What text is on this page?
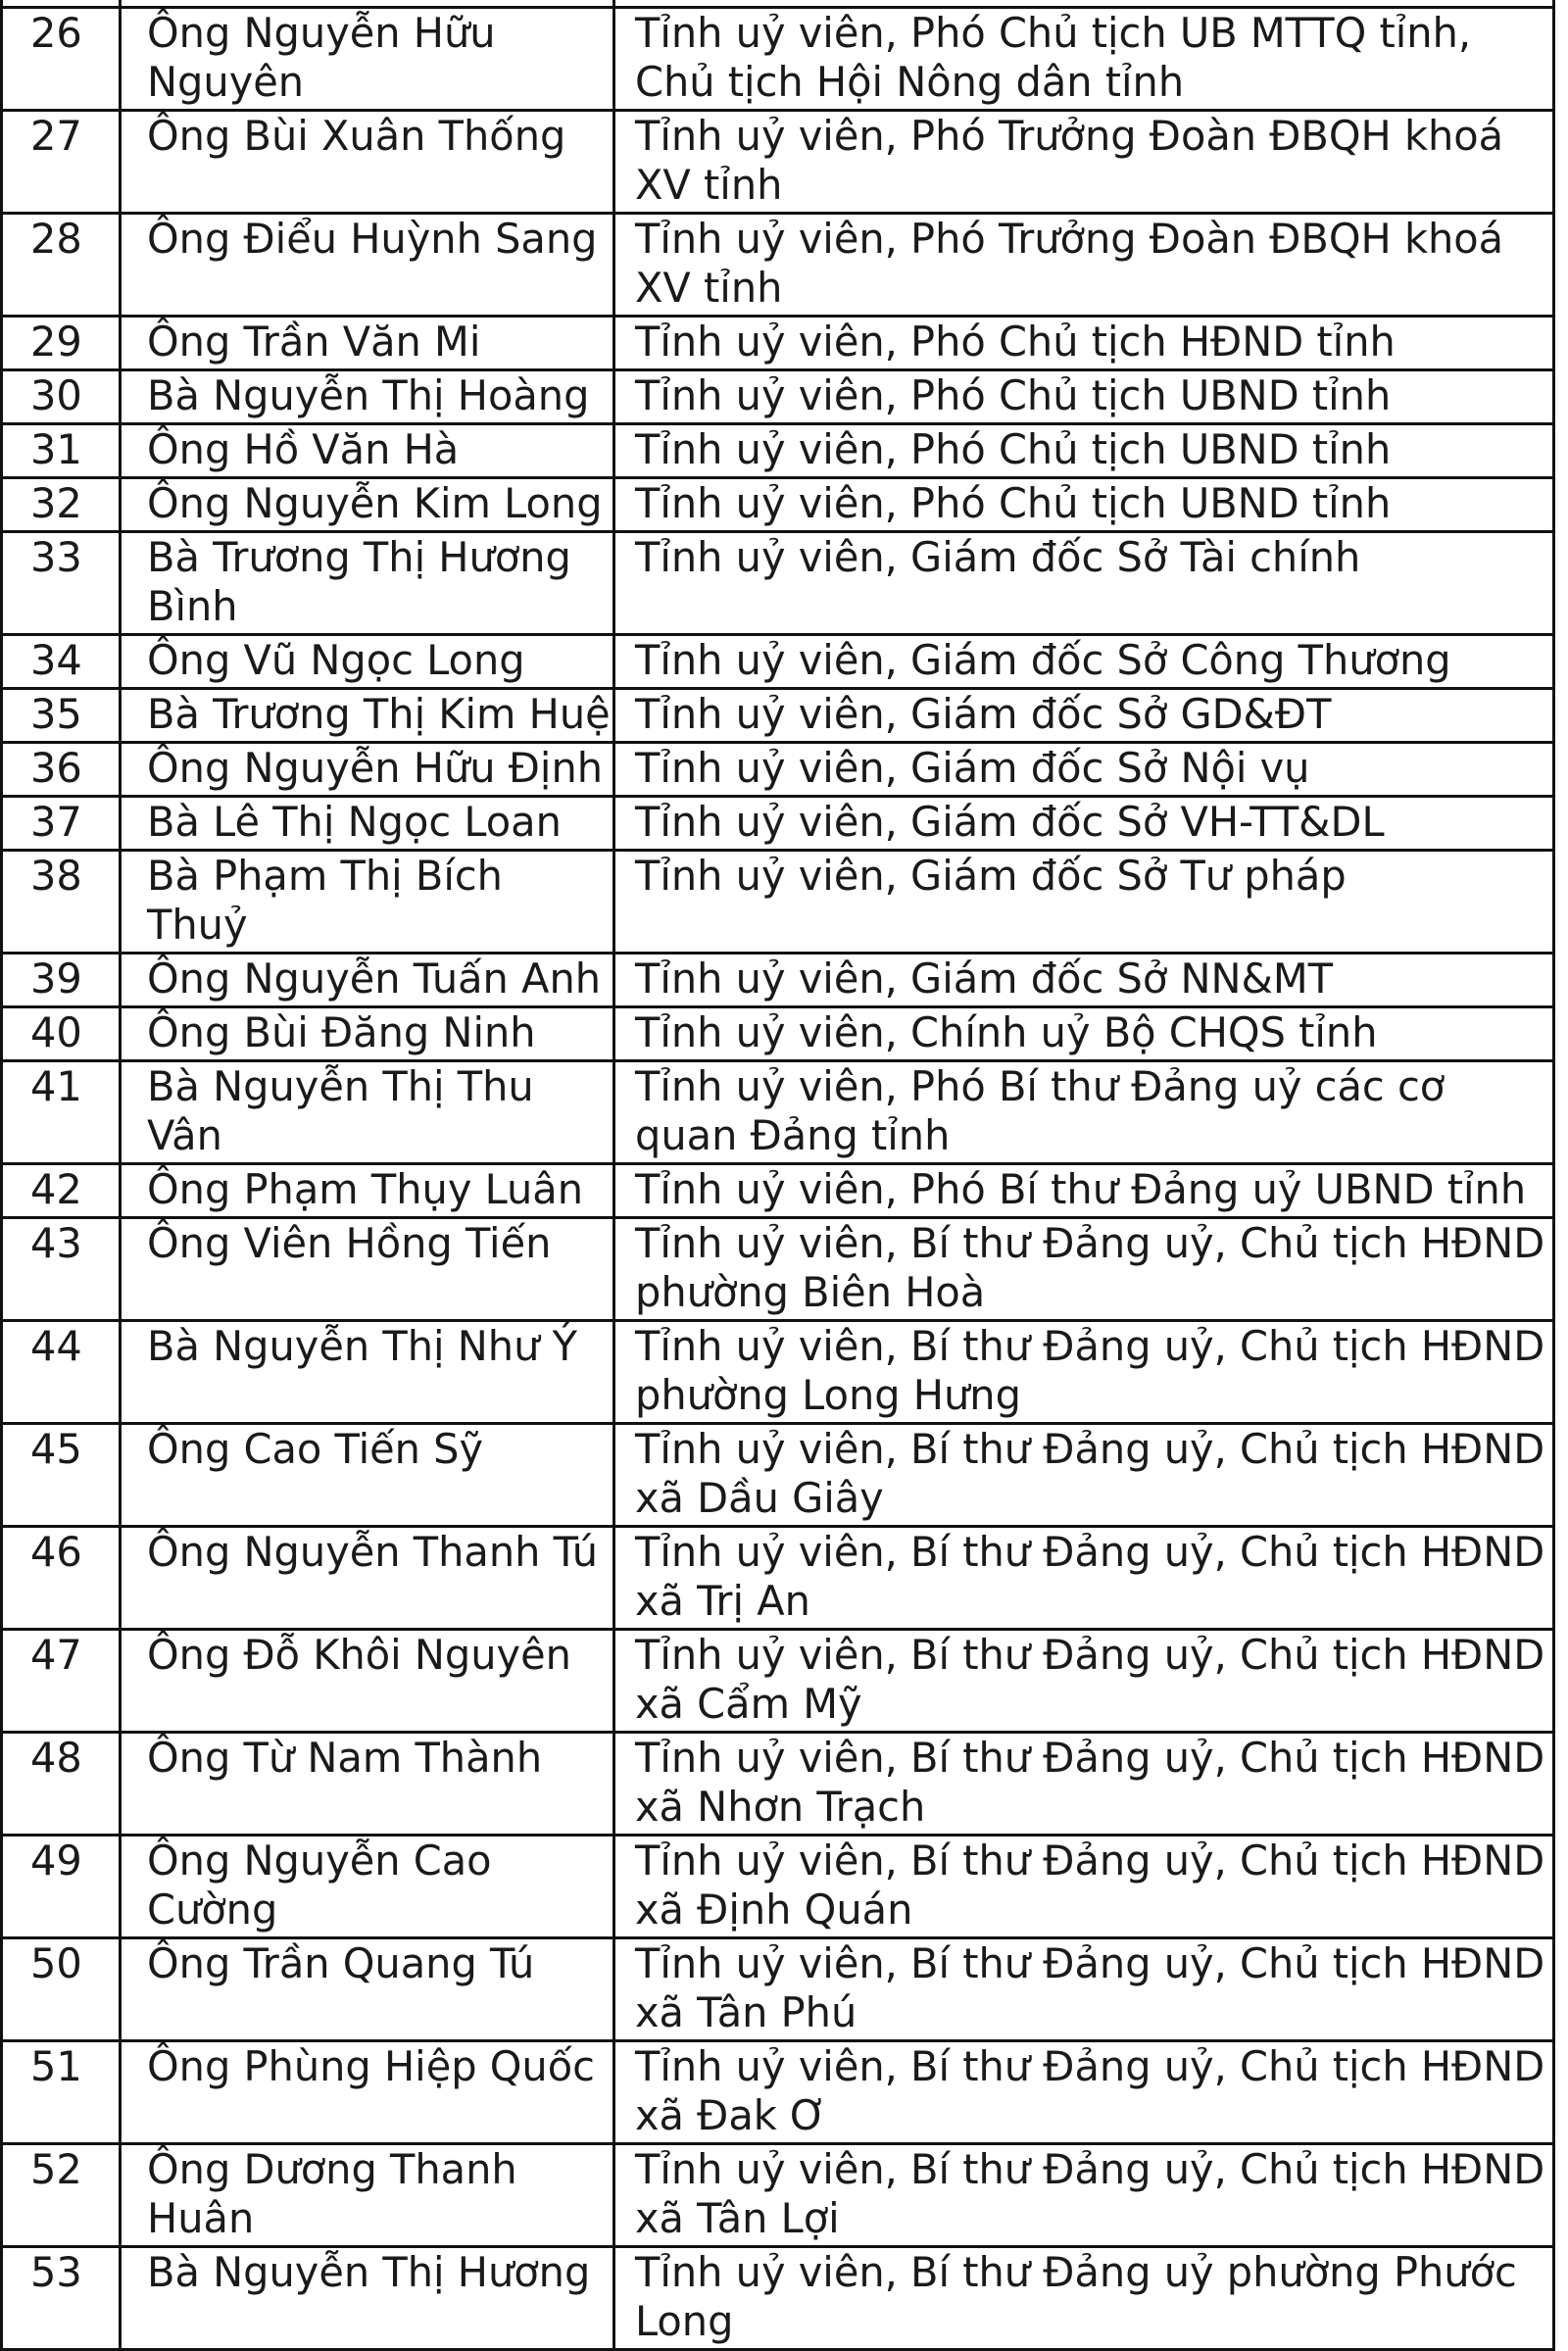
26	Ông Nguyễn Hữu Nguyên	Tỉnh uỷ viên, Phó Chủ tịch UB MTTQ tỉnh, Chủ tịch Hội Nông dân tỉnh
27	Ông Bùi Xuân Thống	Tỉnh uỷ viên, Phó Trưởng Đoàn ĐBQH khoá XV tỉnh
28	Ông Điểu Huỳnh Sang	Tỉnh uỷ viên, Phó Trưởng Đoàn ĐBQH khoá XV tỉnh
29	Ông Trần Văn Mi	Tỉnh uỷ viên, Phó Chủ tịch HĐND tỉnh
30	Bà Nguyễn Thị Hoàng	Tỉnh uỷ viên, Phó Chủ tịch UBND tỉnh
31	Ông Hồ Văn Hà	Tỉnh uỷ viên, Phó Chủ tịch UBND tỉnh
32	Ông Nguyễn Kim Long	Tỉnh uỷ viên, Phó Chủ tịch UBND tỉnh
33	Bà Trương Thị Hương Bình	Tỉnh uỷ viên, Giám đốc Sở Tài chính
34	Ông Vũ Ngọc Long	Tỉnh uỷ viên, Giám đốc Sở Công Thương
35	Bà Trương Thị Kim Huệ	Tỉnh uỷ viên, Giám đốc Sở GD&ĐT
36	Ông Nguyễn Hữu Định	Tỉnh uỷ viên, Giám đốc Sở Nội vụ
37	Bà Lê Thị Ngọc Loan	Tỉnh uỷ viên, Giám đốc Sở VH-TT&DL
38	Bà Phạm Thị Bích Thuỷ	Tỉnh uỷ viên, Giám đốc Sở Tư pháp
39	Ông Nguyễn Tuấn Anh	Tỉnh uỷ viên, Giám đốc Sở NN&MT
40	Ông Bùi Đăng Ninh	Tỉnh uỷ viên, Chính uỷ Bộ CHQS tỉnh
41	Bà Nguyễn Thị Thu Vân	Tỉnh uỷ viên, Phó Bí thư Đảng uỷ các cơ quan Đảng tỉnh
42	Ông Phạm Thụy Luân	Tỉnh uỷ viên, Phó Bí thư Đảng uỷ UBND tỉnh
43	Ông Viên Hồng Tiến	Tỉnh uỷ viên, Bí thư Đảng uỷ, Chủ tịch HĐND phường Biên Hoà
44	Bà Nguyễn Thị Như Ý	Tỉnh uỷ viên, Bí thư Đảng uỷ, Chủ tịch HĐND phường Long Hưng
45	Ông Cao Tiến Sỹ	Tỉnh uỷ viên, Bí thư Đảng uỷ, Chủ tịch HĐND xã Dầu Giây
46	Ông Nguyễn Thanh Tú	Tỉnh uỷ viên, Bí thư Đảng uỷ, Chủ tịch HĐND xã Trị An
47	Ông Đỗ Khôi Nguyên	Tỉnh uỷ viên, Bí thư Đảng uỷ, Chủ tịch HĐND xã Cẩm Mỹ
48	Ông Từ Nam Thành	Tỉnh uỷ viên, Bí thư Đảng uỷ, Chủ tịch HĐND xã Nhơn Trạch
49	Ông Nguyễn Cao Cường	Tỉnh uỷ viên, Bí thư Đảng uỷ, Chủ tịch HĐND xã Định Quán
50	Ông Trần Quang Tú	Tỉnh uỷ viên, Bí thư Đảng uỷ, Chủ tịch HĐND xã Tân Phú
51	Ông Phùng Hiệp Quốc	Tỉnh uỷ viên, Bí thư Đảng uỷ, Chủ tịch HĐND xã Đak Ơ
52	Ông Dương Thanh Huân	Tỉnh uỷ viên, Bí thư Đảng uỷ, Chủ tịch HĐND xã Tân Lợi
53	Bà Nguyễn Thị Hương	Tỉnh uỷ viên, Bí thư Đảng uỷ phường Phước Long
